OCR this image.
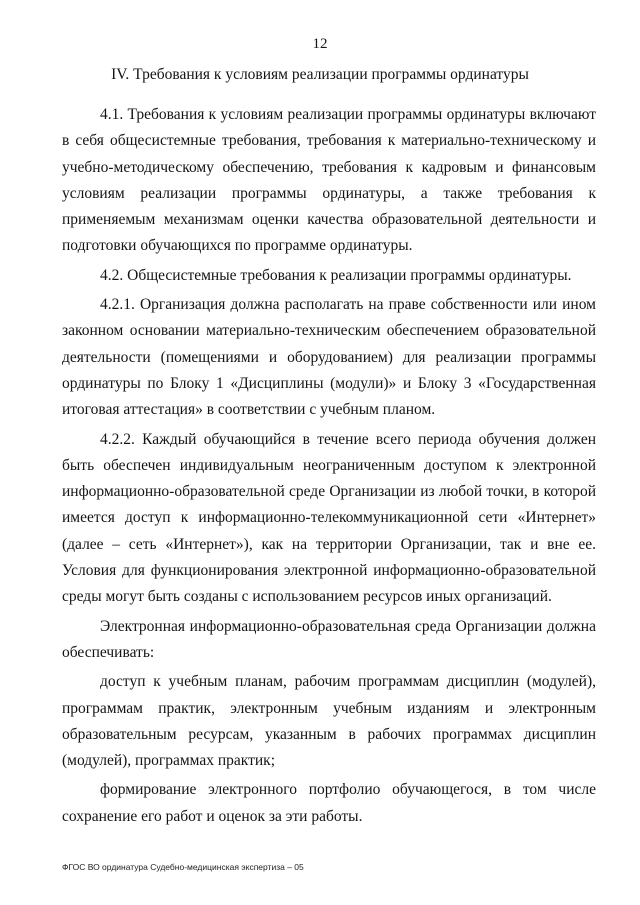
12
IV. Требования к условиям реализации программы ординатуры

4.1. Требования к условиям реализации программы ординатуры включают в себя общесистемные требования, требования к материально-техническому и учебно-методическому обеспечению, требования к кадровым и финансовым условиям реализации программы ординатуры, а также требования к применяемым механизмам оценки качества образовательной деятельности и подготовки обучающихся по программе ординатуры.

4.2. Общесистемные требования к реализации программы ординатуры.

4.2.1. Организация должна располагать на праве собственности или ином законном основании материально-техническим обеспечением образовательной деятельности (помещениями и оборудованием) для реализации программы ординатуры по Блоку 1 «Дисциплины (модули)» и Блоку 3 «Государственная итоговая аттестация» в соответствии с учебным планом.

4.2.2. Каждый обучающийся в течение всего периода обучения должен быть обеспечен индивидуальным неограниченным доступом к электронной информационно-образовательной среде Организации из любой точки, в которой имеется доступ к информационно-телекоммуникационной сети «Интернет» (далее – сеть «Интернет»), как на территории Организации, так и вне ее. Условия для функционирования электронной информационно-образовательной среды могут быть созданы с использованием ресурсов иных организаций.

Электронная информационно-образовательная среда Организации должна обеспечивать:

доступ к учебным планам, рабочим программам дисциплин (модулей), программам практик, электронным учебным изданиям и электронным образовательным ресурсам, указанным в рабочих программах дисциплин (модулей), программах практик;

формирование электронного портфолио обучающегося, в том числе сохранение его работ и оценок за эти работы.

ФГОС ВО ординатура Судебно-медицинская экспертиза – 05
